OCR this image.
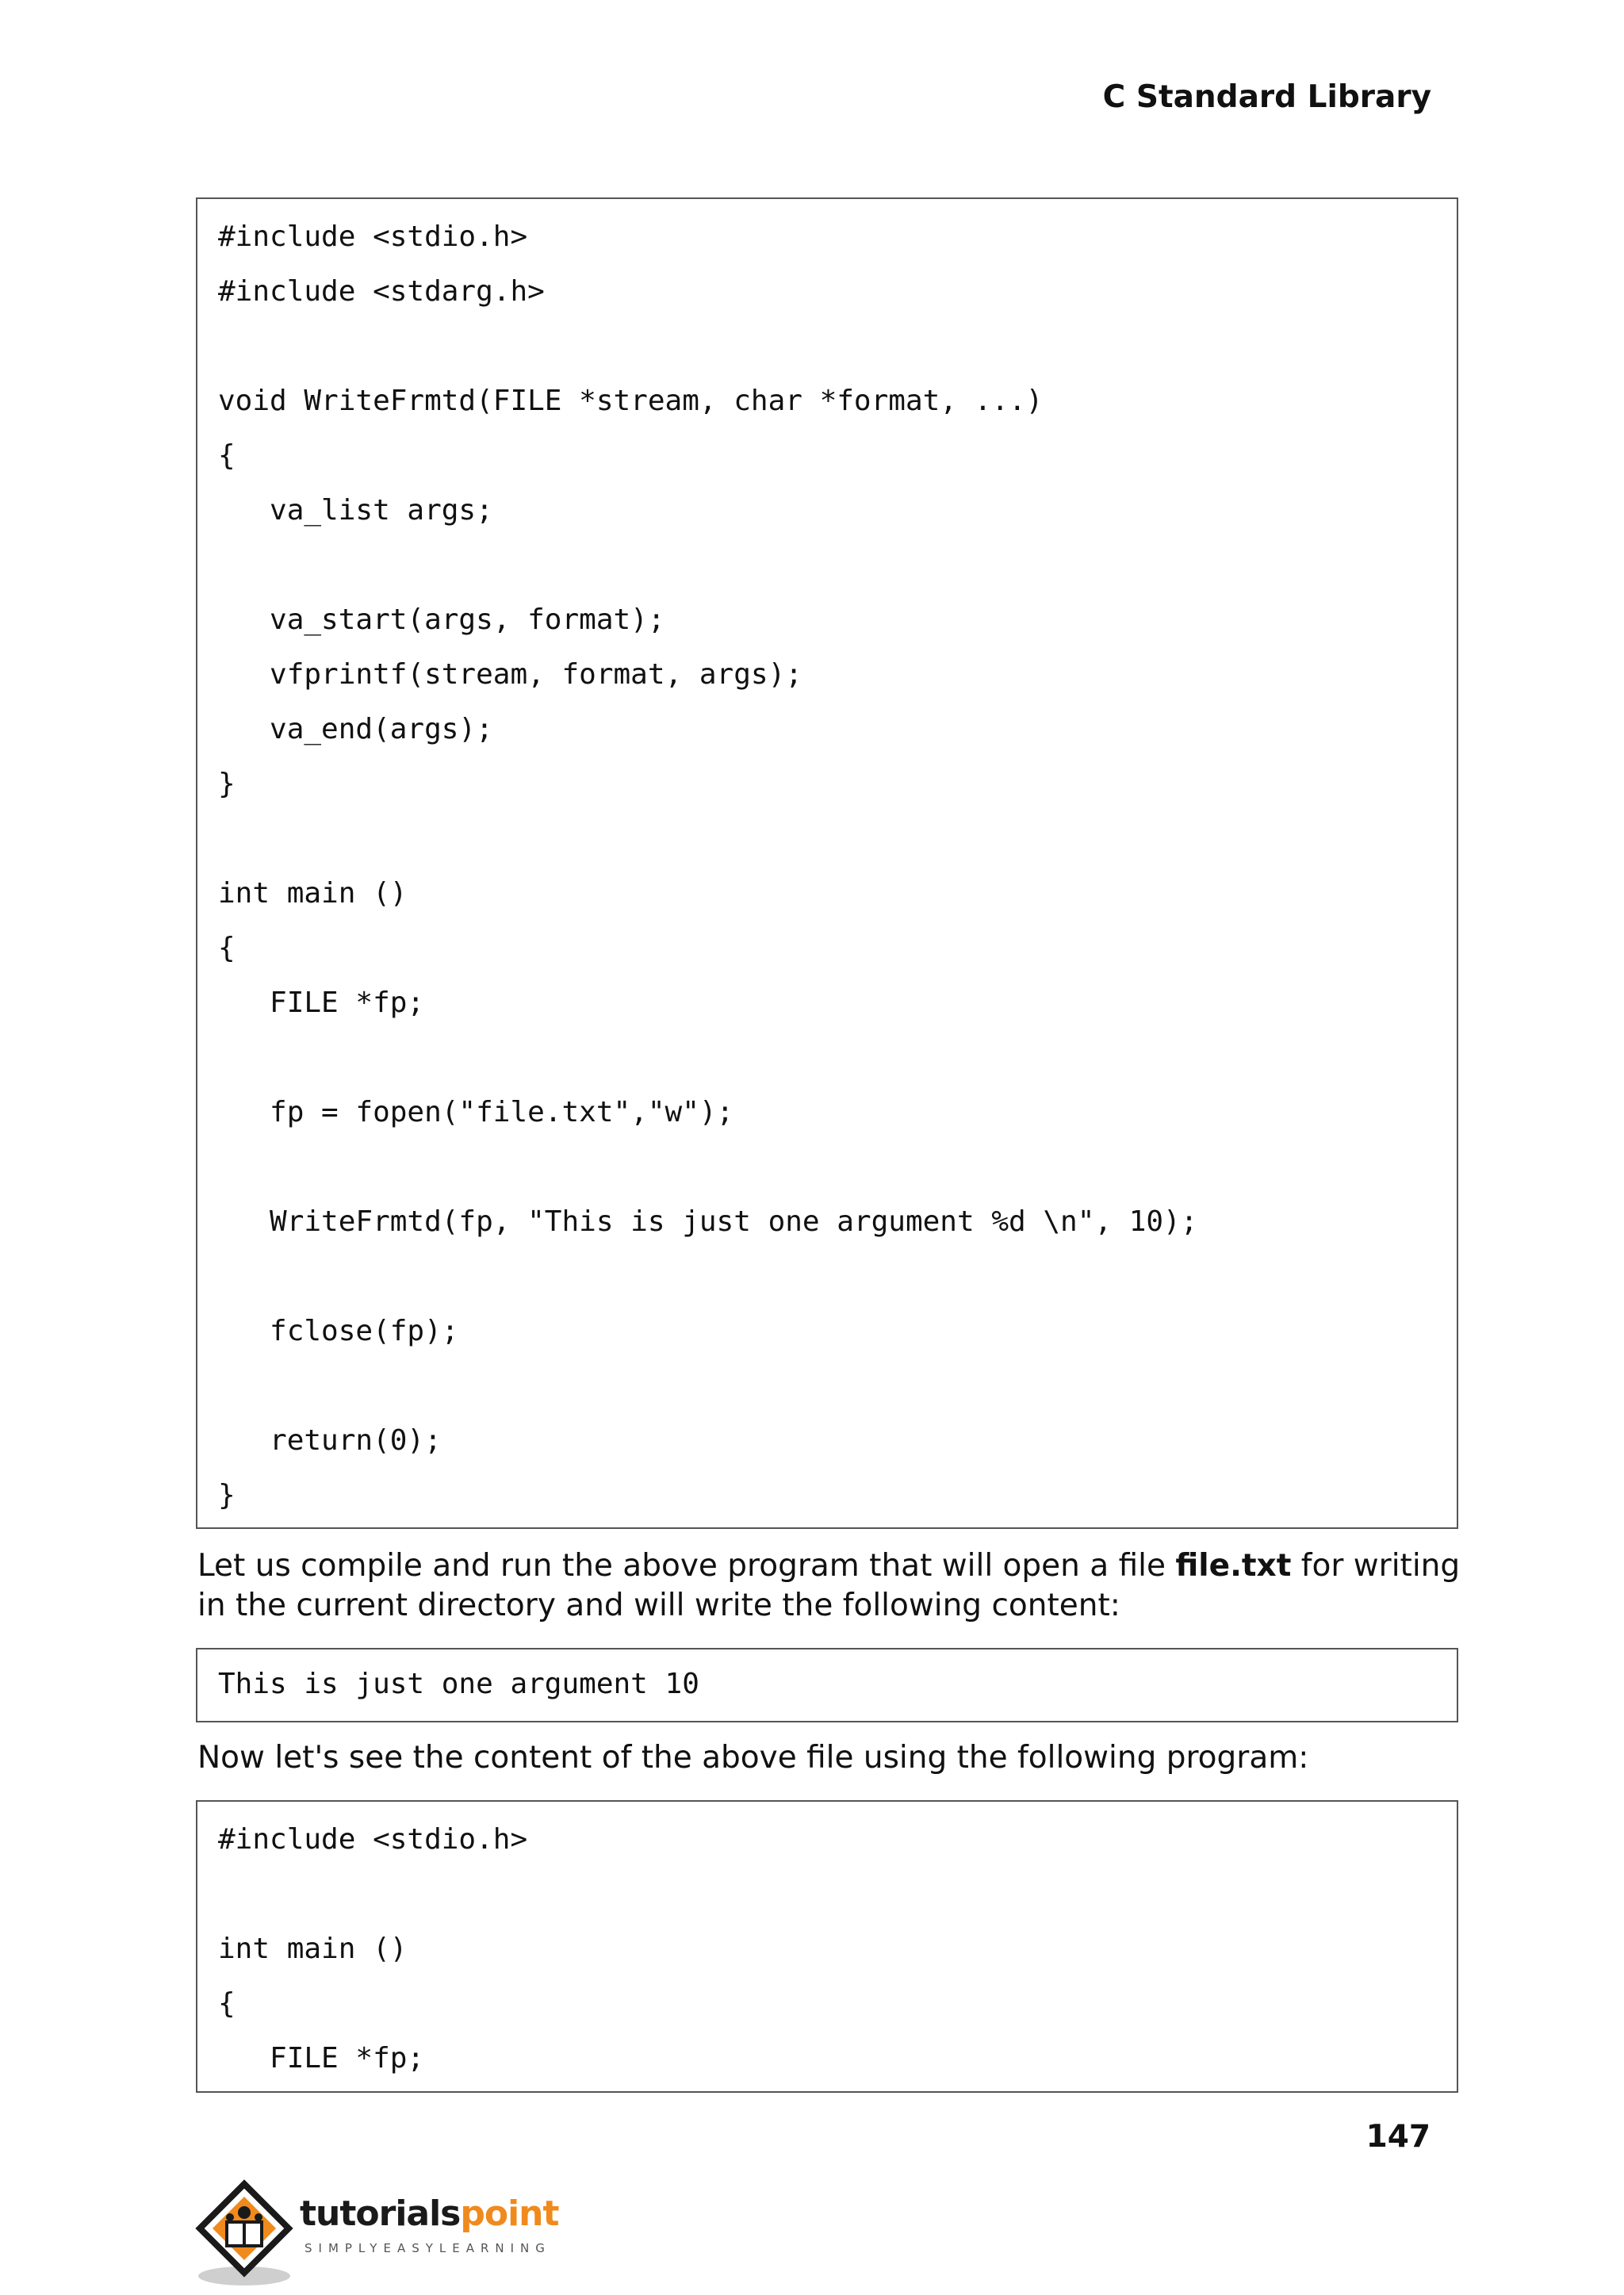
C Standard Library
#include <stdio.h>
#include <stdarg.h>
void WriteFrmtd(FILE *stream, char *format, ...)
{
va_list args;
va_start(args, format);
vfprintf(stream, format, args);
va_end(args);
}
int main ()
{
FILE *fp;
fp = fopen("file.txt","w");
WriteFrmtd(fp, "This is just one argument %d \n", 10);
fclose(fp);
return(0);
}
Let us compile and run the above program that will open a file file.txt for writing
in the current directory and will write the following content:
This is just one argument 10
Now let's see the content of the above file using the following program:
#include <stdio.h>
int main ()
{
FILE *fp;
147
tutorialspoint
SIMPLYEASYLEARNING
